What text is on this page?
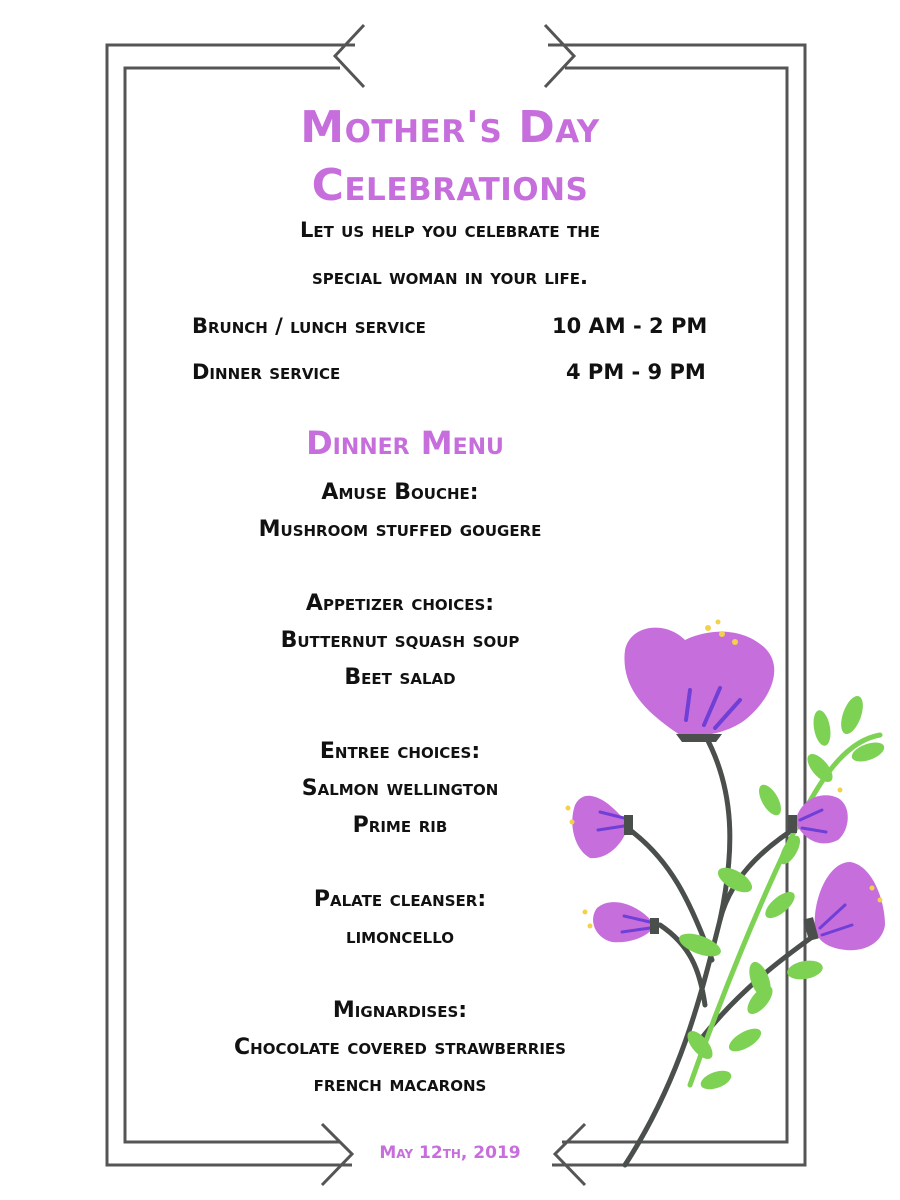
Mother's Day
Celebrations
Let us help you celebrate the
special woman in your life.
Brunch / lunch service	10 AM - 2 PM
Dinner service	4 PM - 9 PM
Dinner Menu
Amuse Bouche:
Mushroom stuffed gougere
Appetizer choices:
Butternut squash soup
Beet salad
Entree choices:
Salmon wellington
Prime rib
Palate cleanser:
limoncello
Mignardises:
Chocolate covered strawberries
french macarons
May 12th, 2019
